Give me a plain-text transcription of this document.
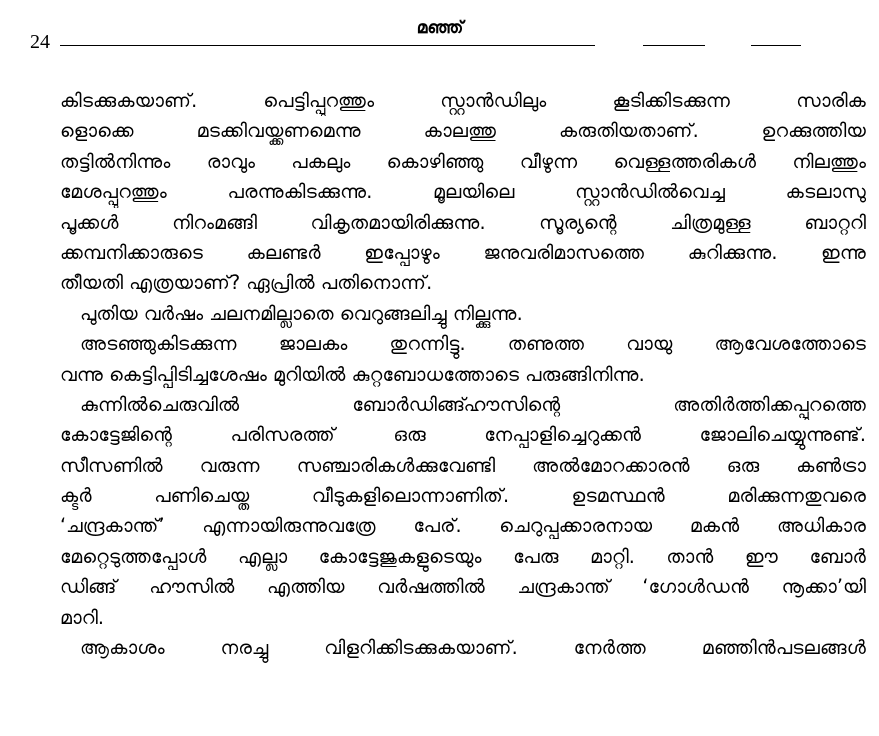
24
മഞ്ഞ്
കിടക്കുകയാണ്. പെട്ടിപ്പുറത്തും സ്റ്റാൻഡിലും കൂടിക്കിടക്കുന്ന സാരിക
ളൊക്കെ മടക്കിവയ്ക്കണമെന്നു കാലത്തു കരുതിയതാണ്. ഉറക്കുത്തിയ
തട്ടിൽനിന്നും രാവും പകലും കൊഴിഞ്ഞു വീഴുന്ന വെള്ളത്തരികൾ നിലത്തും
മേശപ്പുറത്തും പരന്നുകിടക്കുന്നു. മൂലയിലെ സ്റ്റാൻഡിൽവെച്ച കടലാസു
പൂക്കൾ നിറംമങ്ങി വികൃതമായിരിക്കുന്നു. സൂര്യന്റെ ചിത്രമുള്ള ബാറ്ററി
ക്കമ്പനിക്കാരുടെ കലണ്ടർ ഇപ്പോഴും ജനുവരിമാസത്തെ കുറിക്കുന്നു. ഇന്നു
തീയതി എത്രയാണ്? ഏപ്രിൽ പതിനൊന്ന്.
പുതിയ വർഷം ചലനമില്ലാതെ വെറുങ്ങലിച്ചു നില്ക്കുന്നു.
അടഞ്ഞുകിടക്കുന്ന ജാലകം തുറന്നിട്ടു. തണുത്ത വായു ആവേശത്തോടെ
വന്നു കെട്ടിപ്പിടിച്ചശേഷം മുറിയിൽ കുറ്റബോധത്തോടെ പരുങ്ങിനിന്നു.
കുന്നിൽചെരുവിൽ ബോർഡിങ്ങ്ഹൗസിന്റെ അതിർത്തിക്കപ്പുറത്തെ
കോട്ടേജിന്റെ പരിസരത്ത് ഒരു നേപ്പാളിച്ചെറുക്കൻ ജോലിചെയ്യുന്നുണ്ട്.
സീസണിൽ വരുന്ന സഞ്ചാരികൾക്കുവേണ്ടി അൽമോറക്കാരൻ ഒരു കൺട്രാ
ക്ടർ പണിചെയ്ത വീടുകളിലൊന്നാണിത്. ഉടമസ്ഥൻ മരിക്കുന്നതുവരെ
‘ചന്ദ്രകാന്ത്’ എന്നായിരുന്നുവത്രേ പേര്. ചെറുപ്പക്കാരനായ മകൻ അധികാര
മേറ്റെടുത്തപ്പോൾ എല്ലാ കോട്ടേജുകളുടെയും പേരു മാറ്റി. താൻ ഈ ബോർ
ഡിങ്ങ് ഹൗസിൽ എത്തിയ വർഷത്തിൽ ചന്ദ്രകാന്ത് ‘ഗോൾഡൻ നൂക്കാ’യി
മാറി.
ആകാശം നരച്ചു വിളറിക്കിടക്കുകയാണ്. നേർത്ത മഞ്ഞിൻപടലങ്ങൾ
